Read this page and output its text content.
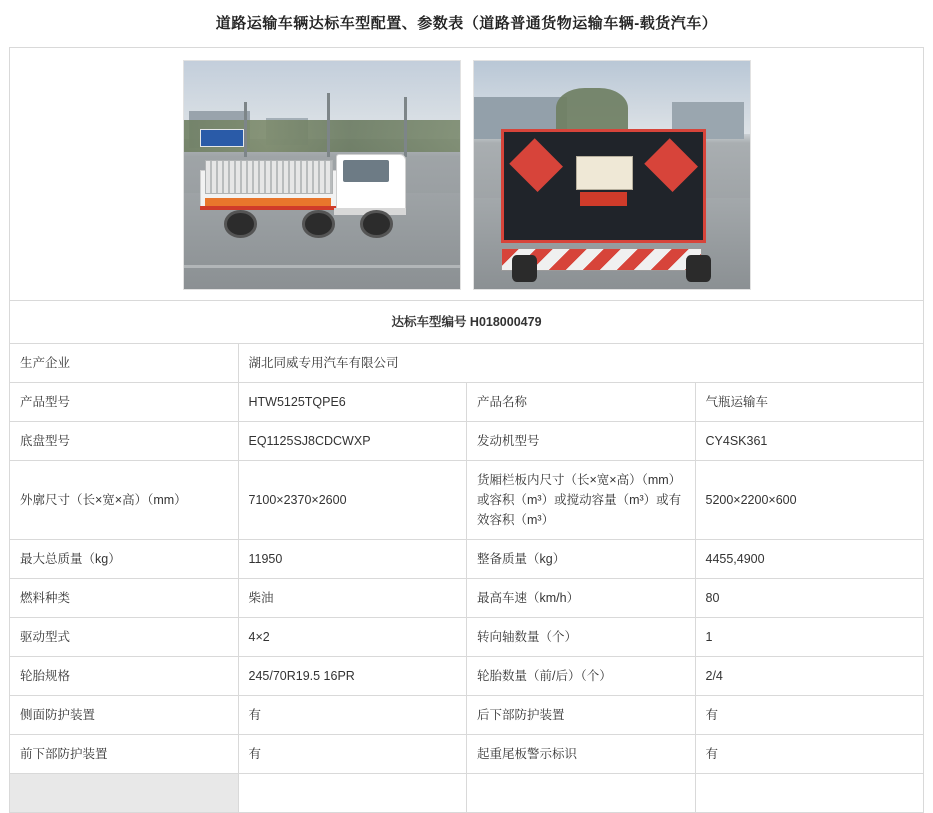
道路运输车辆达标车型配置、参数表（道路普通货物运输车辆-载货汽车）

达标车型编号 H018000479			
生产企业	湖北同威专用汽车有限公司		
产品型号	HTW5125TQPE6	产品名称	气瓶运输车
底盘型号	EQ1125SJ8CDCWXP	发动机型号	CY4SK361
外廓尺寸（长×宽×高）（mm）	7100×2370×2600	货厢栏板内尺寸（长×宽×高）（mm）或容积（m³）或搅动容量（m³）或有效容积（m³）	5200×2200×600
最大总质量（kg）	11950	整备质量（kg）	4455,4900
燃料种类	柴油	最高车速（km/h）	80
驱动型式	4×2	转向轴数量（个）	1
轮胎规格	245/70R19.5 16PR	轮胎数量（前/后）（个）	2/4
侧面防护装置	有	后下部防护装置	有
前下部防护装置	有	起重尾板警示标识	有
